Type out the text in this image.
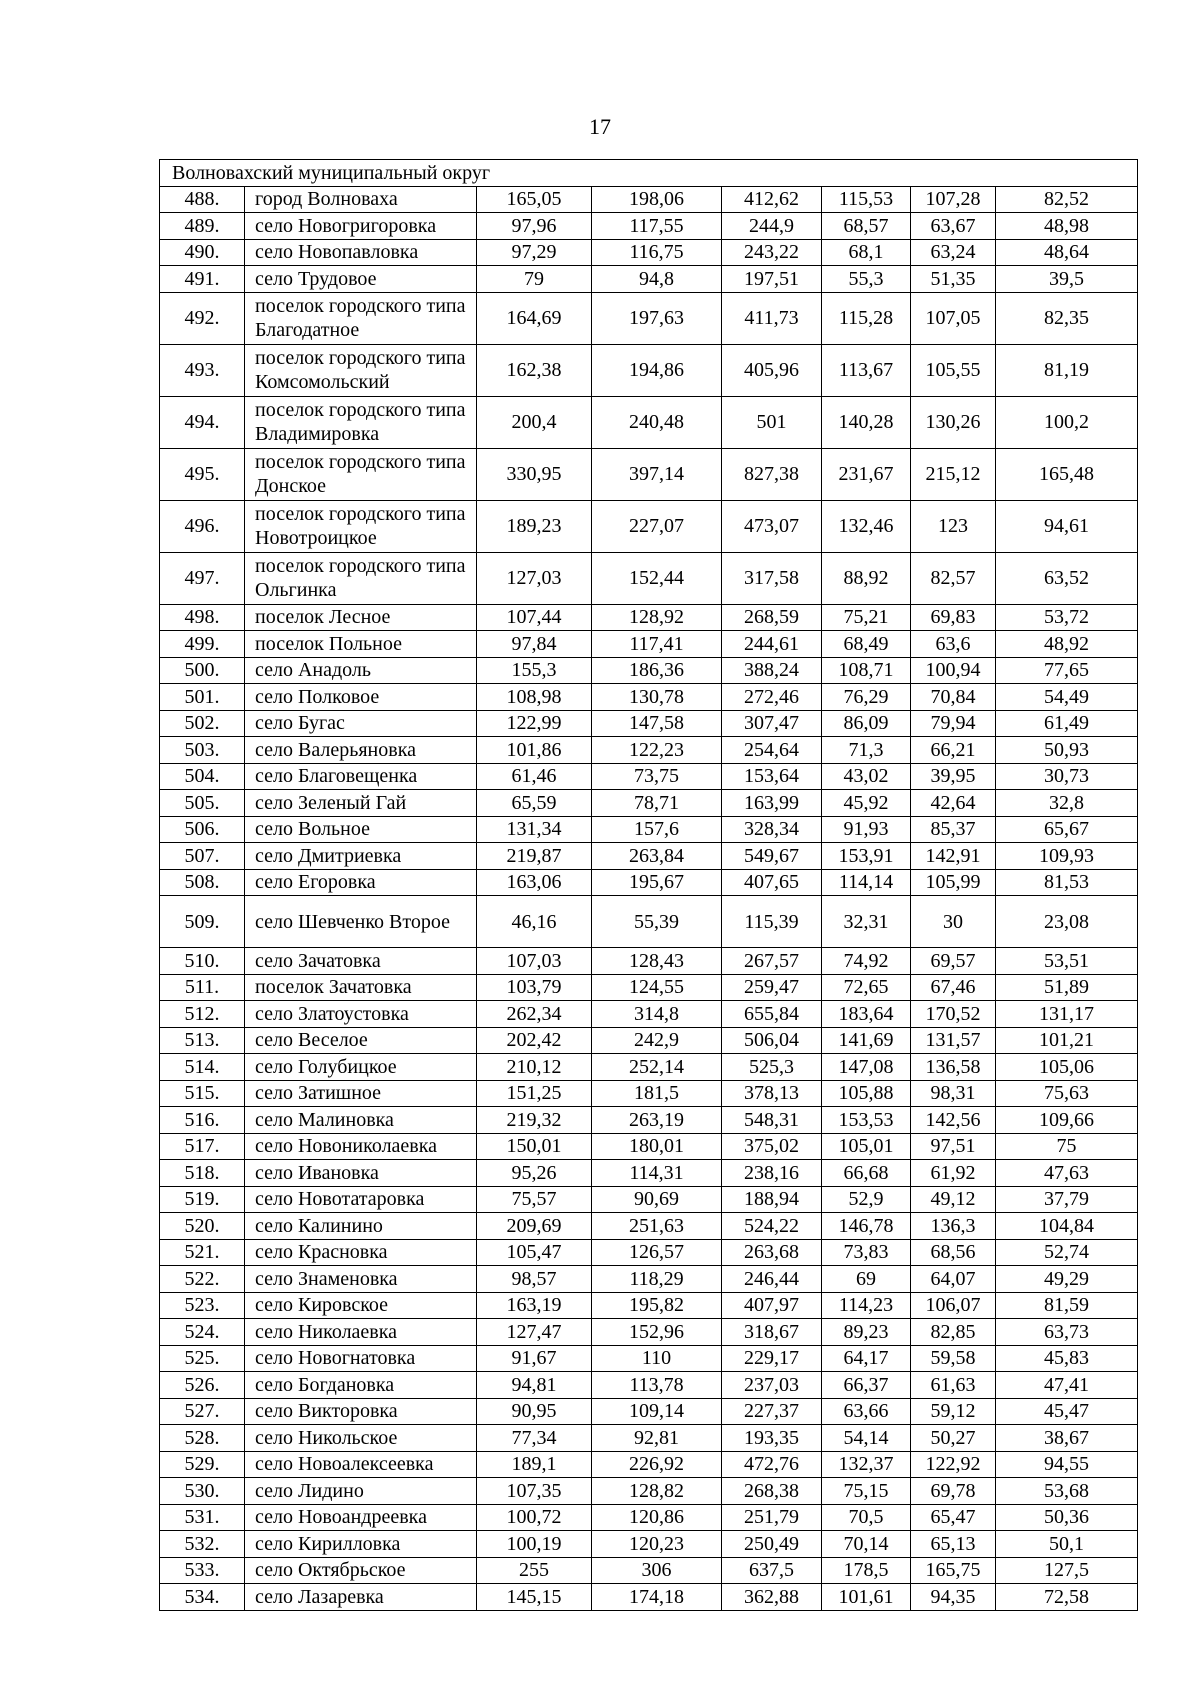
17
Волновахский муниципальный округ							
488.	город Волноваха	165,05	198,06	412,62	115,53	107,28	82,52
489.	село Новогригоровка	97,96	117,55	244,9	68,57	63,67	48,98
490.	село Новопавловка	97,29	116,75	243,22	68,1	63,24	48,64
491.	село Трудовое	79	94,8	197,51	55,3	51,35	39,5
492.	поселок городского типа Благодатное	164,69	197,63	411,73	115,28	107,05	82,35
493.	поселок городского типа Комсомольский	162,38	194,86	405,96	113,67	105,55	81,19
494.	поселок городского типа Владимировка	200,4	240,48	501	140,28	130,26	100,2
495.	поселок городского типа Донское	330,95	397,14	827,38	231,67	215,12	165,48
496.	поселок городского типа Новотроицкое	189,23	227,07	473,07	132,46	123	94,61
497.	поселок городского типа Ольгинка	127,03	152,44	317,58	88,92	82,57	63,52
498.	поселок Лесное	107,44	128,92	268,59	75,21	69,83	53,72
499.	поселок Польное	97,84	117,41	244,61	68,49	63,6	48,92
500.	село Анадоль	155,3	186,36	388,24	108,71	100,94	77,65
501.	село Полковое	108,98	130,78	272,46	76,29	70,84	54,49
502.	село Бугас	122,99	147,58	307,47	86,09	79,94	61,49
503.	село Валерьяновка	101,86	122,23	254,64	71,3	66,21	50,93
504.	село Благовещенка	61,46	73,75	153,64	43,02	39,95	30,73
505.	село Зеленый Гай	65,59	78,71	163,99	45,92	42,64	32,8
506.	село Вольное	131,34	157,6	328,34	91,93	85,37	65,67
507.	село Дмитриевка	219,87	263,84	549,67	153,91	142,91	109,93
508.	село Егоровка	163,06	195,67	407,65	114,14	105,99	81,53
509.	село Шевченко Второе	46,16	55,39	115,39	32,31	30	23,08
510.	село Зачатовка	107,03	128,43	267,57	74,92	69,57	53,51
511.	поселок Зачатовка	103,79	124,55	259,47	72,65	67,46	51,89
512.	село Златоустовка	262,34	314,8	655,84	183,64	170,52	131,17
513.	село Веселое	202,42	242,9	506,04	141,69	131,57	101,21
514.	село Голубицкое	210,12	252,14	525,3	147,08	136,58	105,06
515.	село Затишное	151,25	181,5	378,13	105,88	98,31	75,63
516.	село Малиновка	219,32	263,19	548,31	153,53	142,56	109,66
517.	село Новониколаевка	150,01	180,01	375,02	105,01	97,51	75
518.	село Ивановка	95,26	114,31	238,16	66,68	61,92	47,63
519.	село Новотатаровка	75,57	90,69	188,94	52,9	49,12	37,79
520.	село Калинино	209,69	251,63	524,22	146,78	136,3	104,84
521.	село Красновка	105,47	126,57	263,68	73,83	68,56	52,74
522.	село Знаменовка	98,57	118,29	246,44	69	64,07	49,29
523.	село Кировское	163,19	195,82	407,97	114,23	106,07	81,59
524.	село Николаевка	127,47	152,96	318,67	89,23	82,85	63,73
525.	село Новогнатовка	91,67	110	229,17	64,17	59,58	45,83
526.	село Богдановка	94,81	113,78	237,03	66,37	61,63	47,41
527.	село Викторовка	90,95	109,14	227,37	63,66	59,12	45,47
528.	село Никольское	77,34	92,81	193,35	54,14	50,27	38,67
529.	село Новоалексеевка	189,1	226,92	472,76	132,37	122,92	94,55
530.	село Лидино	107,35	128,82	268,38	75,15	69,78	53,68
531.	село Новоандреевка	100,72	120,86	251,79	70,5	65,47	50,36
532.	село Кирилловка	100,19	120,23	250,49	70,14	65,13	50,1
533.	село Октябрьское	255	306	637,5	178,5	165,75	127,5
534.	село Лазаревка	145,15	174,18	362,88	101,61	94,35	72,58
